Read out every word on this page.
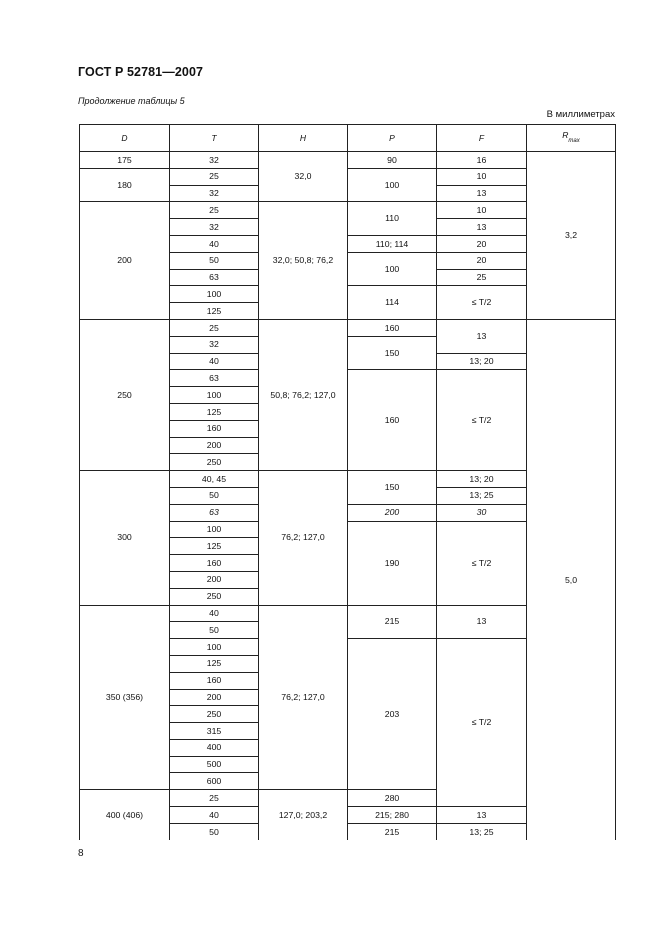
ГОСТ Р 52781—2007
Продолжение таблицы 5
В миллиметрах
D	T	H	P	F	$R_{max}$
175	32	32,0	90	16	3,2
180	25		100	10	
	32			13	
200	25	32,0; 50,8; 76,2	110	10	
	32			13	
	40		110; 114	20	
	50		100	20	
	63			25	
	100		114	≤ T/2	
	125				
250	25	50,8; 76,2; 127,0	160	13	5,0
	32		150		
	40			13; 20	
	63		160	≤ T/2	
	100				
	125				
	160				
	200				
	250				
300	40, 45	76,2; 127,0	150	13; 20	
	50			13; 25	
	63		200	30	
	100		190	≤ T/2	
	125				
	160				
	200				
	250				
350 (356)	40	76,2; 127,0	215	13	
	50				
	100		203	≤ T/2	
	125				
	160				
	200				
	250				
	315				
	400				
	500				
	600				
400 (406)	25	127,0; 203,2	280		
	40		215; 280	13	
	50		215	13; 25	
8
